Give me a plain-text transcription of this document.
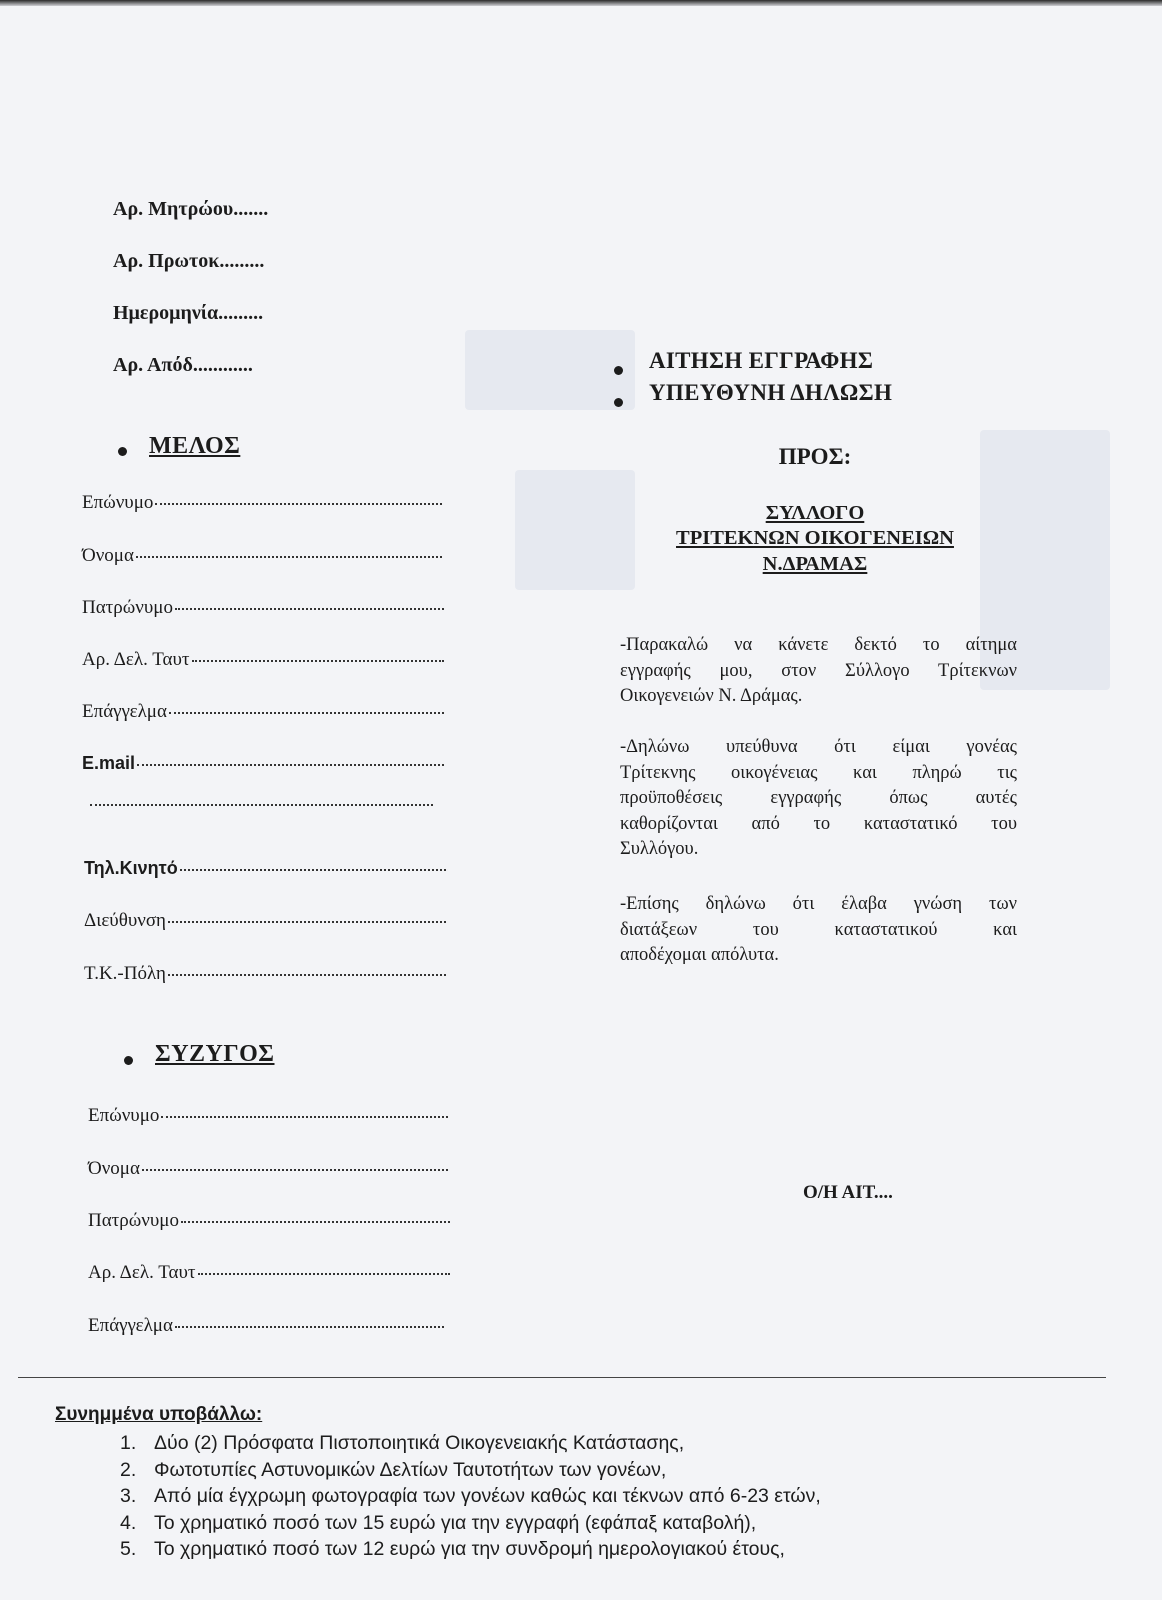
Αρ. Μητρώου.......
Αρ. Πρωτοκ.........
Ημερομηνία.........
Αρ. Απόδ............
ΜΕΛΟΣ
Επώνυμο
Όνομα
Πατρώνυμο
Αρ. Δελ. Ταυτ
Επάγγελμα
E.mail
Τηλ.Κινητό
Διεύθυνση
Τ.Κ.-Πόλη
ΣΥΖΥΓΟΣ
Επώνυμο
Όνομα
Πατρώνυμο
Αρ. Δελ. Ταυτ
Επάγγελμα
ΑΙΤΗΣΗ ΕΓΓΡΑΦΗΣ
ΥΠΕΥΘΥΝΗ ΔΗΛΩΣΗ
ΠΡΟΣ:
ΣΥΛΛΟΓΟ
ΤΡΙΤΕΚΝΩΝ ΟΙΚΟΓΕΝΕΙΩΝ
Ν.ΔΡΑΜΑΣ
-Παρακαλώ να κάνετε δεκτό το αίτημα
εγγραφής μου, στον Σύλλογο Τρίτεκνων
Οικογενειών Ν. Δράμας.
-Δηλώνω υπεύθυνα ότι είμαι γονέας
Τρίτεκνης οικογένειας και πληρώ τις
προϋποθέσεις εγγραφής όπως αυτές
καθορίζονται από το καταστατικό του
Συλλόγου.
-Επίσης δηλώνω ότι έλαβα γνώση των
διατάξεων του καταστατικού και
αποδέχομαι απόλυτα.
Ο/Η ΑΙΤ....
Συνημμένα υποβάλλω:
1. Δύο (2) Πρόσφατα Πιστοποιητικά Οικογενειακής Κατάστασης,
2. Φωτοτυπίες Αστυνομικών Δελτίων Ταυτοτήτων των γονέων,
3. Από μία έγχρωμη φωτογραφία των γονέων καθώς και τέκνων από 6-23 ετών,
4. Το χρηματικό ποσό των 15 ευρώ για την εγγραφή (εφάπαξ καταβολή),
5. Το χρηματικό ποσό των 12 ευρώ για την συνδρομή ημερολογιακού έτους,
